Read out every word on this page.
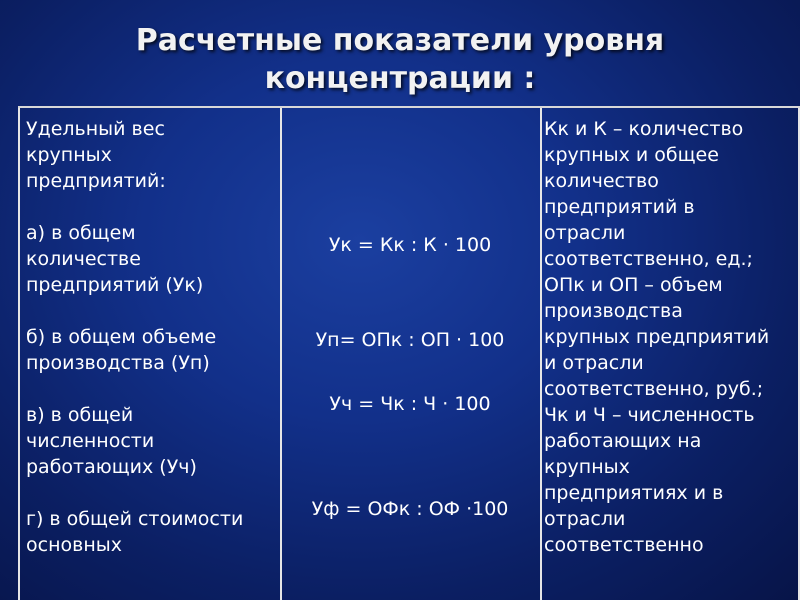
Расчетные показатели уровня
концентрации :

Удельный вес крупных предприятий:

а) в общем количестве предприятий (Ук)

б) в общем объеме производства (Уп)

в) в общей численности работающих (Уч)

г) в общей стоимости основных

Ук = Кк : К · 100
Уп= ОПк : ОП · 100
Уч = Чк : Ч · 100
Уф = ОФк : ОФ ·100
Кк и К – количество крупных и общее количество предприятий в отрасли соответственно, ед.; ОПк и ОП – объем производства крупных предприятий и отрасли соответственно, руб.; Чк и Ч – численность работающих на крупных предприятиях и в отрасли соответственно
